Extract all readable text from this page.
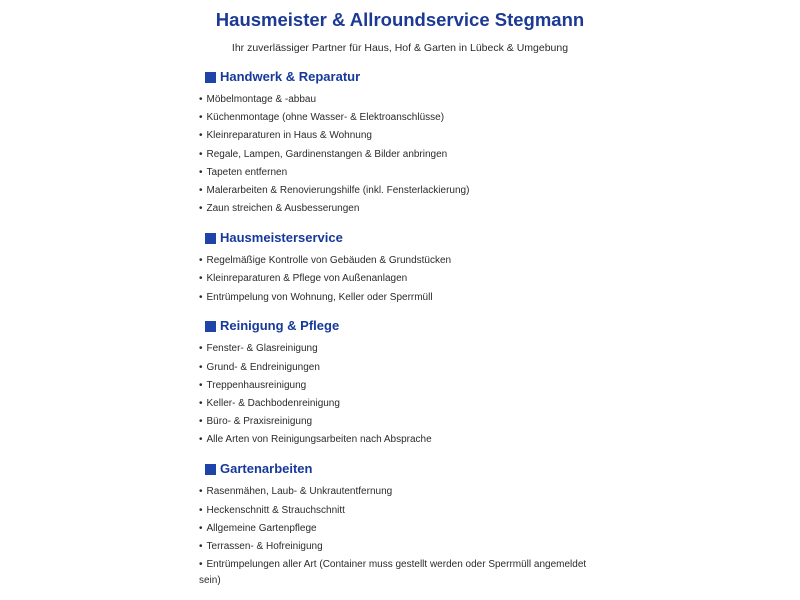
Hausmeister & Allroundservice Stegmann

Ihr zuverlässiger Partner für Haus, Hof & Garten in Lübeck & Umgebung

Handwerk & Reparatur

• Möbelmontage & -abbau

• Küchenmontage (ohne Wasser- & Elektroanschlüsse)

• Kleinreparaturen in Haus & Wohnung

• Regale, Lampen, Gardinenstangen & Bilder anbringen

• Tapeten entfernen

• Malerarbeiten & Renovierungshilfe (inkl. Fensterlackierung)

• Zaun streichen & Ausbesserungen

Hausmeisterservice

• Regelmäßige Kontrolle von Gebäuden & Grundstücken

• Kleinreparaturen & Pflege von Außenanlagen

• Entrümpelung von Wohnung, Keller oder Sperrmüll

Reinigung & Pflege

• Fenster- & Glasreinigung

• Grund- & Endreinigungen

• Treppenhausreinigung

• Keller- & Dachbodenreinigung

• Büro- & Praxisreinigung

• Alle Arten von Reinigungsarbeiten nach Absprache

Gartenarbeiten

• Rasenmähen, Laub- & Unkrautentfernung

• Heckenschnitt & Strauchschnitt

• Allgemeine Gartenpflege

• Terrassen- & Hofreinigung

• Entrümpelungen aller Art (Container muss gestellt werden oder Sperrmüll angemeldet sein)
